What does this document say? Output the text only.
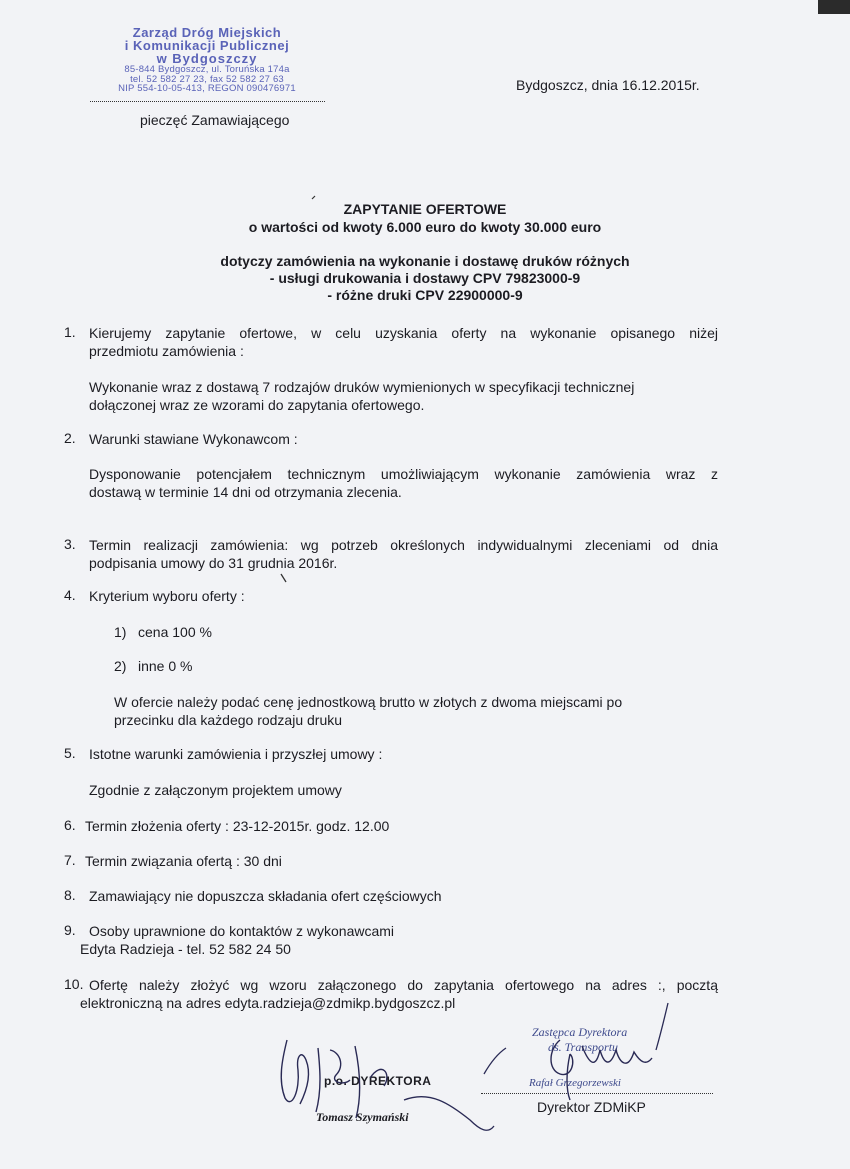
Zarząd Dróg Miejskich
i Komunikacji Publicznej
w Bydgoszczy
85-844 Bydgoszcz, ul. Toruńska 174a
tel. 52 582 27 23, fax 52 582 27 63
NIP 554-10-05-413, REGON 090476971
pieczęć Zamawiającego
Bydgoszcz, dnia 16.12.2015r.
ZAPYTANIE OFERTOWE
o wartości od kwoty 6.000 euro do kwoty 30.000 euro
dotyczy zamówienia na wykonanie i dostawę druków różnych
- usługi drukowania i dostawy CPV 79823000-9
- różne druki CPV 22900000-9
1. Kierujemy zapytanie ofertowe, w celu uzyskania oferty na wykonanie opisanego niżej
przedmiotu zamówienia :
Wykonanie wraz z dostawą 7 rodzajów druków wymienionych w specyfikacji technicznej
dołączonej wraz ze wzorami do zapytania ofertowego.
2. Warunki stawiane Wykonawcom :
Dysponowanie potencjałem technicznym umożliwiającym wykonanie zamówienia wraz z
dostawą w terminie 14 dni od otrzymania zlecenia.
3. Termin realizacji zamówienia: wg potrzeb określonych indywidualnymi zleceniami od dnia
podpisania umowy do 31 grudnia 2016r.
4. Kryterium wyboru oferty :
1) cena 100 %
2) inne 0 %
W ofercie należy podać cenę jednostkową brutto w złotych z dwoma miejscami po
przecinku dla każdego rodzaju druku
5. Istotne warunki zamówienia i przyszłej umowy :
Zgodnie z załączonym projektem umowy
6. Termin złożenia oferty : 23-12-2015r. godz. 12.00
7. Termin związania ofertą : 30 dni
8. Zamawiający nie dopuszcza składania ofert częściowych
9. Osoby uprawnione do kontaktów z wykonawcami
Edyta Radzieja - tel. 52 582 24 50
10. Ofertę należy złożyć wg wzoru załączonego do zapytania ofertowego na adres :, pocztą
elektroniczną na adres edyta.radzieja@zdmikp.bydgoszcz.pl
p.o. DYREKTORA
Tomasz Szymański
Zastępca Dyrektora
ds. Transportu
Rafał Grzegorzewski
Dyrektor ZDMiKP
